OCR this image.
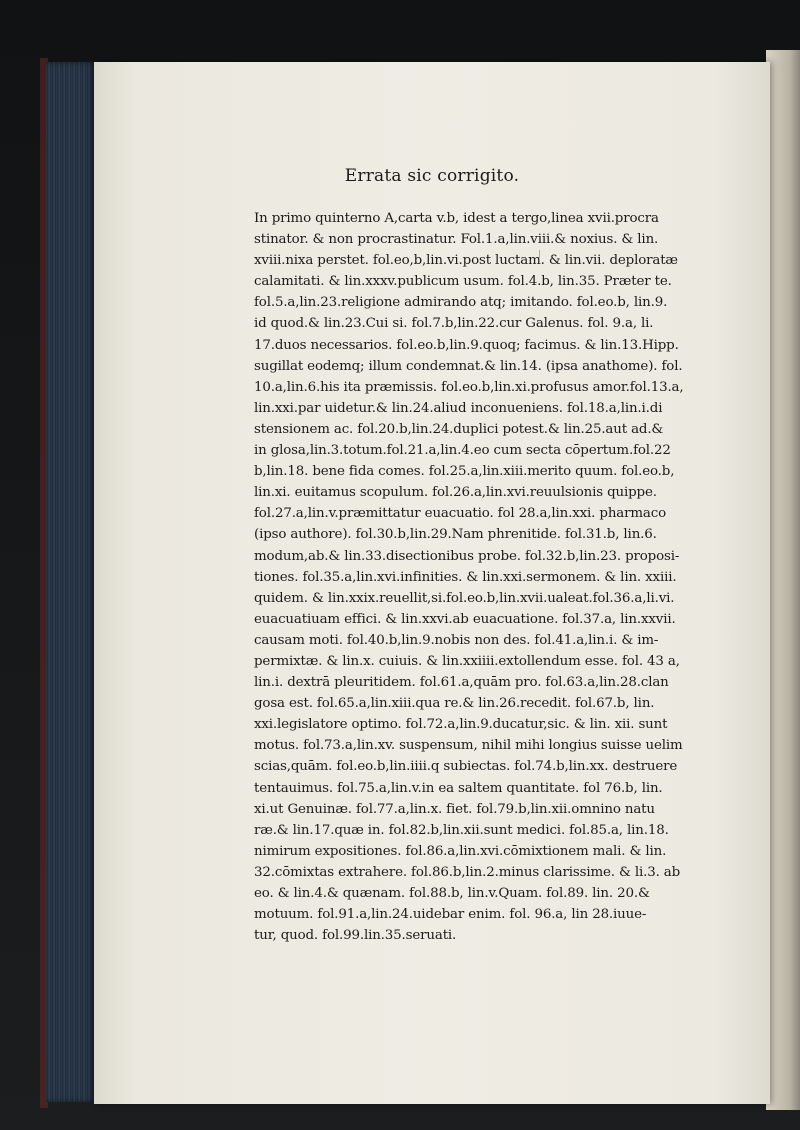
Errata sic corrigito.
In primo quinterno A,carta v.b, idest a tergo,linea xvii.procra
stinator. & non procrastinatur. Fol.1.a,lin.viii.& noxius. & lin.
xviii.nixa perstet. fol.eo,b,lin.vi.post luctam. & lin.vii. deploratæ
calamitati. & lin.xxxv.publicum usum. fol.4.b, lin.35. Præter te.
fol.5.a,lin.23.religione admirando atq; imitando. fol.eo.b, lin.9.
id quod.& lin.23.Cui si. fol.7.b,lin.22.cur Galenus. fol. 9.a, li.
17.duos necessarios. fol.eo.b,lin.9.quoq; facimus. & lin.13.Hipp.
sugillat eodemq; illum condemnat.& lin.14. (ipsa anathome). fol.
10.a,lin.6.his ita præmissis. fol.eo.b,lin.xi.profusus amor.fol.13.a,
lin.xxi.par uidetur.& lin.24.aliud inconueniens. fol.18.a,lin.i.di
stensionem ac. fol.20.b,lin.24.duplici potest.& lin.25.aut ad.&
in glosa,lin.3.totum.fol.21.a,lin.4.eo cum secta cōpertum.fol.22
b,lin.18. bene fida comes. fol.25.a,lin.xiii.merito quum. fol.eo.b,
lin.xi. euitamus scopulum. fol.26.a,lin.xvi.reuulsionis quippe.
fol.27.a,lin.v.præmittatur euacuatio. fol 28.a,lin.xxi. pharmaco
(ipso authore). fol.30.b,lin.29.Nam phrenitide. fol.31.b, lin.6.
modum,ab.& lin.33.disectionibus probe. fol.32.b,lin.23. proposi-
tiones. fol.35.a,lin.xvi.infinities. & lin.xxi.sermonem. & lin. xxiii.
quidem. & lin.xxix.reuellit,si.fol.eo.b,lin.xvii.ualeat.fol.36.a,li.vi.
euacuatiuam effici. & lin.xxvi.ab euacuatione. fol.37.a, lin.xxvii.
causam moti. fol.40.b,lin.9.nobis non des. fol.41.a,lin.i. & im-
permixtæ. & lin.x. cuiuis. & lin.xxiiii.extollendum esse. fol. 43 a,
lin.i. dextrā pleuritidem. fol.61.a,quām pro. fol.63.a,lin.28.clan
gosa est. fol.65.a,lin.xiii.qua re.& lin.26.recedit. fol.67.b, lin.
xxi.legislatore optimo. fol.72.a,lin.9.ducatur,sic. & lin. xii. sunt
motus. fol.73.a,lin.xv. suspensum, nihil mihi longius suisse uelim
scias,quām. fol.eo.b,lin.iiii.q subiectas. fol.74.b,lin.xx. destruere
tentauimus. fol.75.a,lin.v.in ea saltem quantitate. fol 76.b, lin.
xi.ut Genuinæ. fol.77.a,lin.x. fiet. fol.79.b,lin.xii.omnino natu
ræ.& lin.17.quæ in. fol.82.b,lin.xii.sunt medici. fol.85.a, lin.18.
nimirum expositiones. fol.86.a,lin.xvi.cōmixtionem mali. & lin.
32.cōmixtas extrahere. fol.86.b,lin.2.minus clarissime. & li.3. ab
eo. & lin.4.& quænam. fol.88.b, lin.v.Quam. fol.89. lin. 20.&
motuum. fol.91.a,lin.24.uidebar enim. fol. 96.a, lin 28.iuue-
tur, quod. fol.99.lin.35.seruati.
